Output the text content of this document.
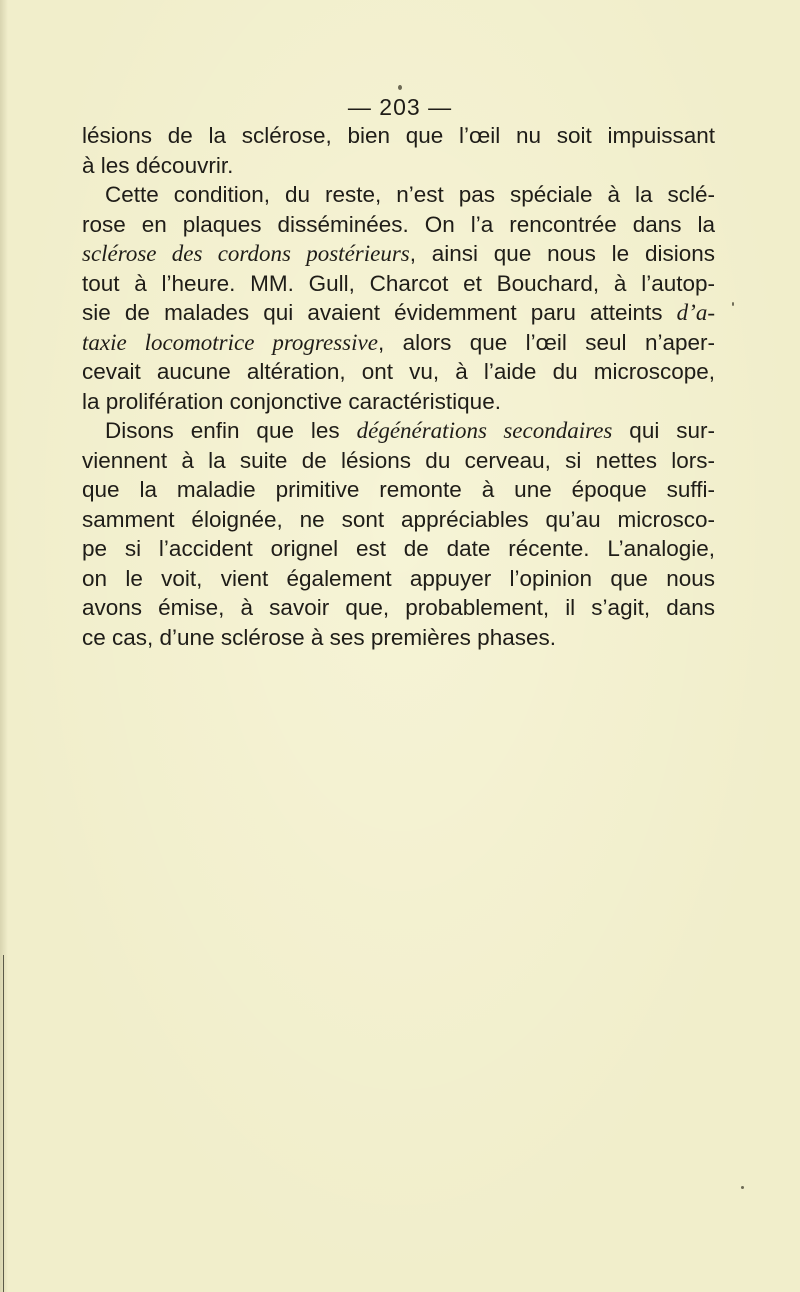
— 203 —
lésions de la sclérose, bien que l’œil nu soit impuissant
à les découvrir.
Cette condition, du reste, n’est pas spéciale à la sclé-
rose en plaques disséminées. On l’a rencontrée dans la
sclérose des cordons postérieurs, ainsi que nous le disions
tout à l’heure. MM. Gull, Charcot et Bouchard, à l’autop-
sie de malades qui avaient évidemment paru atteints d’a-
taxie locomotrice progressive, alors que l’œil seul n’aper-
cevait aucune altération, ont vu, à l’aide du microscope,
la prolifération conjonctive caractéristique.
Disons enfin que les dégénérations secondaires qui sur-
viennent à la suite de lésions du cerveau, si nettes lors-
que la maladie primitive remonte à une époque suffi-
samment éloignée, ne sont appréciables qu’au microsco-
pe si l’accident orignel est de date récente. L’analogie,
on le voit, vient également appuyer l’opinion que nous
avons émise, à savoir que, probablement, il s’agit, dans
ce cas, d’une sclérose à ses premières phases.
